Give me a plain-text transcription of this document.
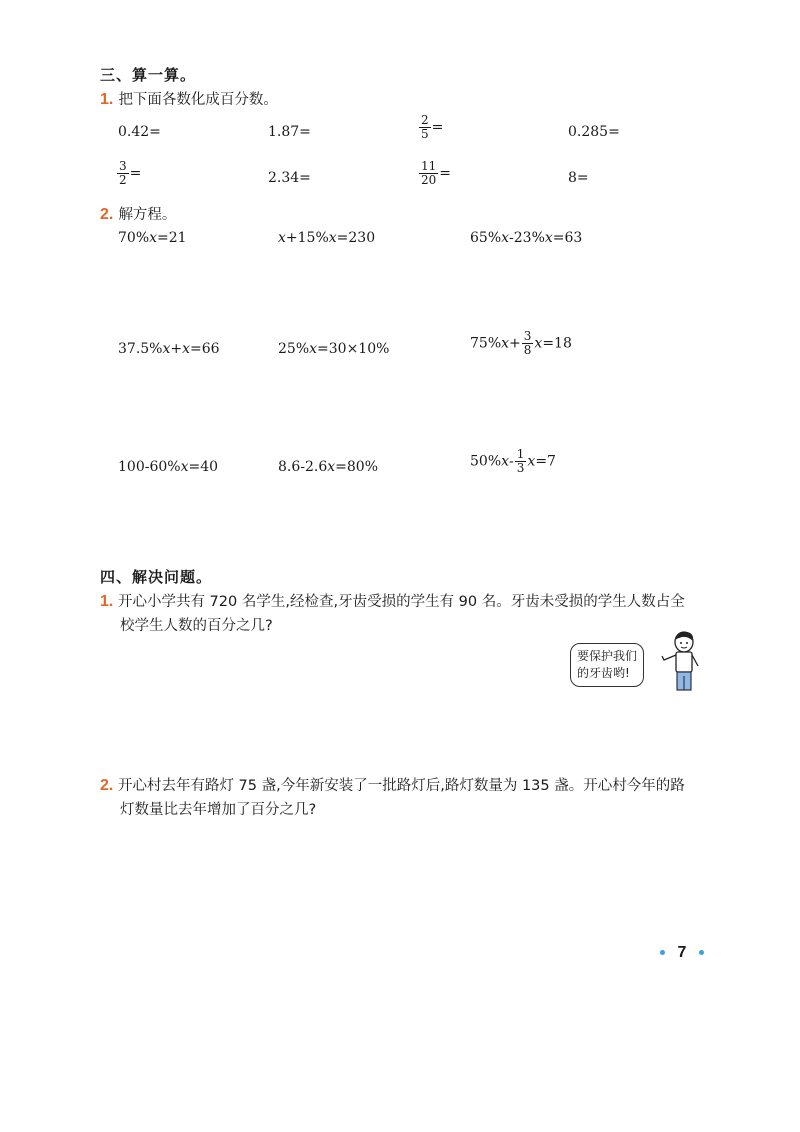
三、算一算。
1. 把下面各数化成百分数。
0.42=	1.87=	$\frac{2}{5}$ =	0.285=
$\frac{3}{2}$ =	2.34=	$\frac{11}{20}$ =	8=
2. 解方程。
70%x=21	x+15%x=230	65%x-23%x=63
37.5%x+x=66	25%x=30×10%	$75\%x+ \frac{3}{8} x=18$
100-60%x=40	8.6-2.6x=80%	$50\%x- \frac{1}{3} x=7$
四、解决问题。
1. 开心小学共有 720 名学生,经检查,牙齿受损的学生有 90 名。牙齿未受损的学生人数占全
校学生人数的百分之几?
要保护我们
的牙齿哟!
2. 开心村去年有路灯 75 盏,今年新安装了一批路灯后,路灯数量为 135 盏。开心村今年的路
灯数量比去年增加了百分之几?
7
